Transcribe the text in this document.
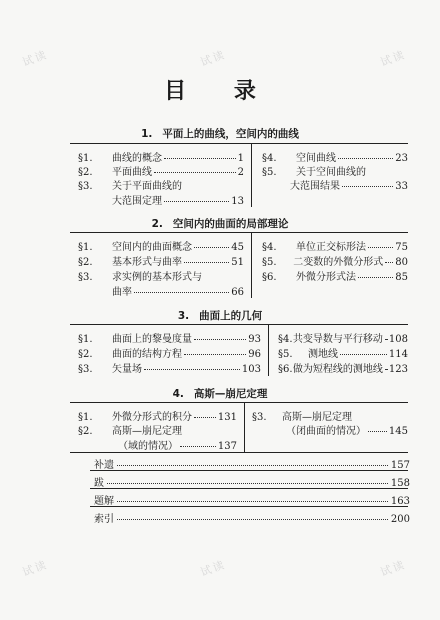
试读	试读	试读
试读	试读	试读
目 录
1. 平面上的曲线，空间内的曲线
§1.	曲线的概念	1
§2.	平面曲线	2
§3.	关于平面曲线的
大范围定理	13
§4.	空间曲线	23
§5.	关于空间曲线的
大范围结果	33
2. 空间内的曲面的局部理论
§1.	空间内的曲面概念	45
§2.	基本形式与曲率	51
§3.	求实例的基本形式与
曲率	66
§4.	单位正交标形法	75
§5.	二变数的外微分形式 80
§6.	外微分形式法	85
3. 曲面上的几何
§1.	曲面上的黎曼度量	93
§2.	曲面的结构方程	96
§3.	矢量场	103
§4. 共变导数与平行移动 108
§5.	测地线	114
§6. 做为短程线的测地线 123
4. 高斯—崩尼定理
§1.	外微分形式的积分	131
§2.	高斯—崩尼定理
（域的情况）	137
§3.	高斯—崩尼定理
（闭曲面的情况） 145
补遗	157
跋	158
题解	163
索引	200
